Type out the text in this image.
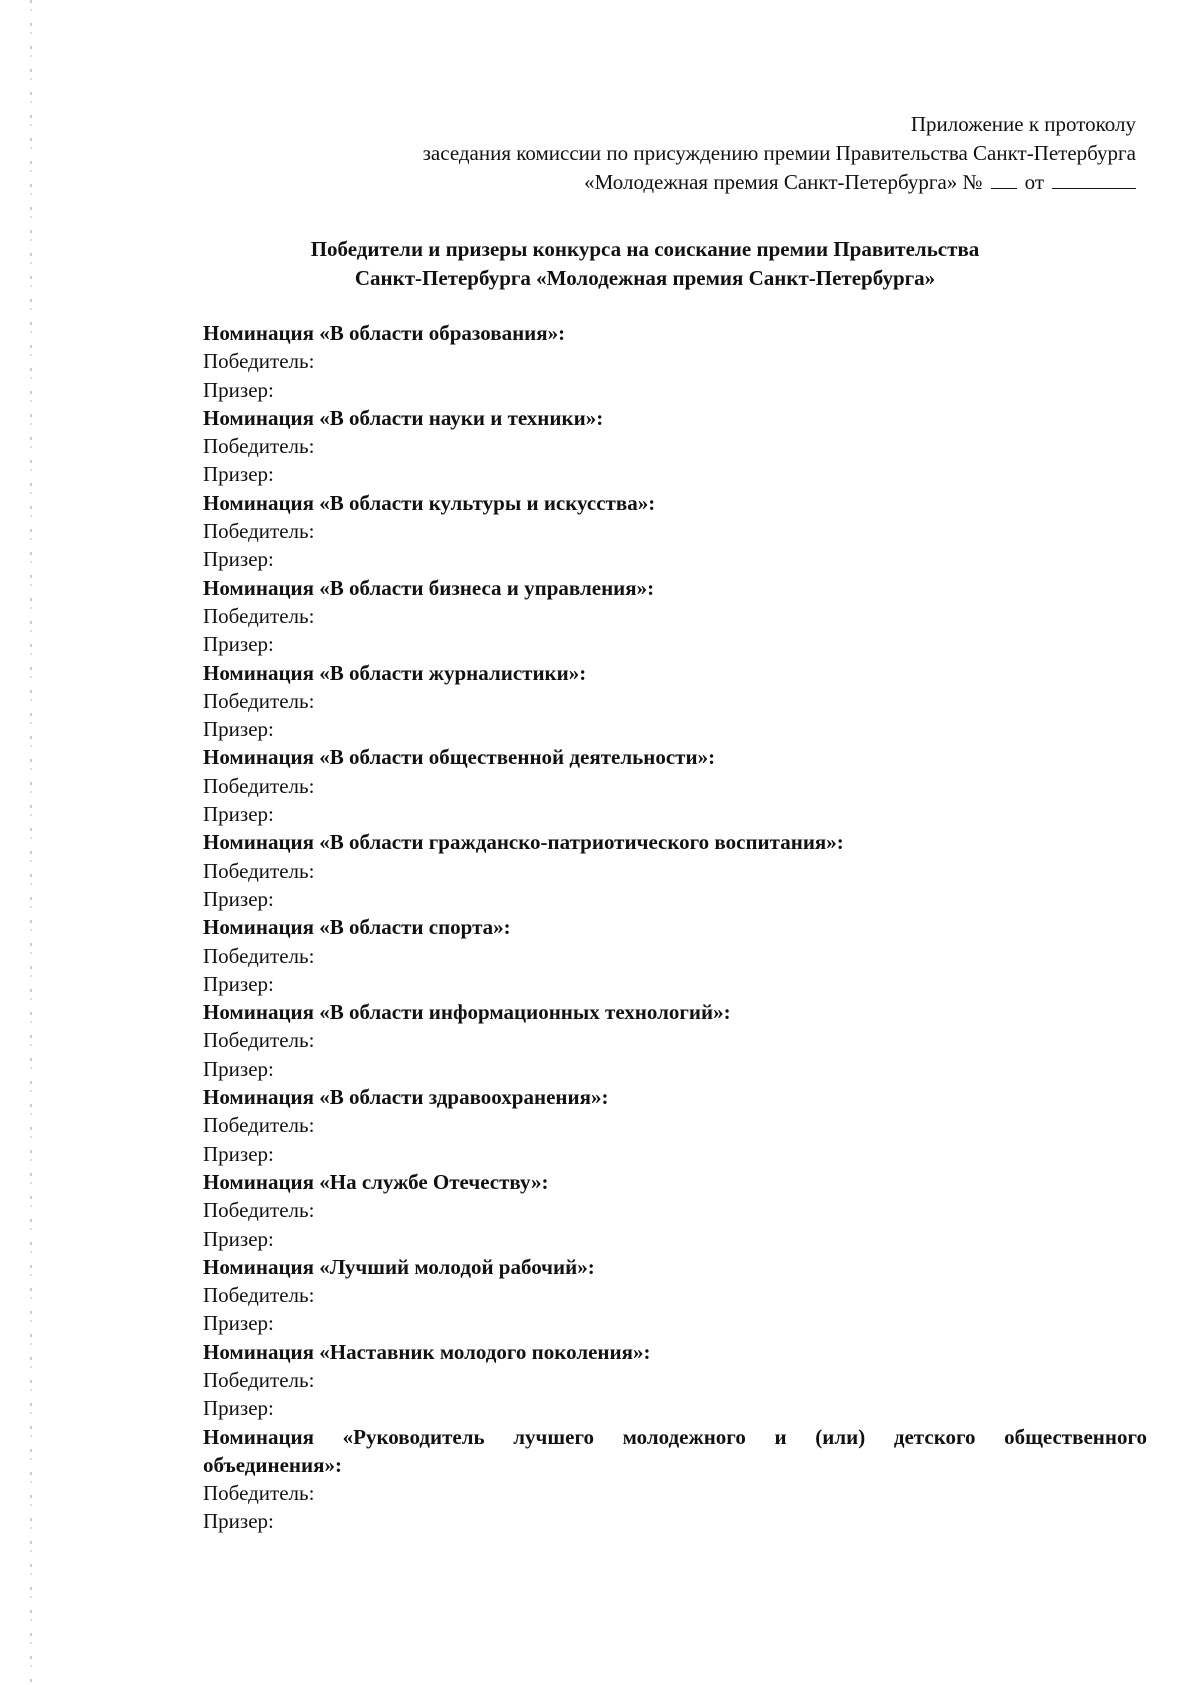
Приложение к протоколу
заседания комиссии по присуждению премии Правительства Санкт-Петербурга
«Молодежная премия Санкт-Петербурга» № от
Победители и призеры конкурса на соискание премии Правительства
Санкт-Петербурга «Молодежная премия Санкт-Петербурга»
Номинация «В области образования»:
Победитель:
Призер:
Номинация «В области науки и техники»:
Победитель:
Призер:
Номинация «В области культуры и искусства»:
Победитель:
Призер:
Номинация «В области бизнеса и управления»:
Победитель:
Призер:
Номинация «В области журналистики»:
Победитель:
Призер:
Номинация «В области общественной деятельности»:
Победитель:
Призер:
Номинация «В области гражданско-патриотического воспитания»:
Победитель:
Призер:
Номинация «В области спорта»:
Победитель:
Призер:
Номинация «В области информационных технологий»:
Победитель:
Призер:
Номинация «В области здравоохранения»:
Победитель:
Призер:
Номинация «На службе Отечеству»:
Победитель:
Призер:
Номинация «Лучший молодой рабочий»:
Победитель:
Призер:
Номинация «Наставник молодого поколения»:
Победитель:
Призер:
Номинация «Руководитель лучшего молодежного и (или) детского общественного
объединения»:
Победитель:
Призер:
